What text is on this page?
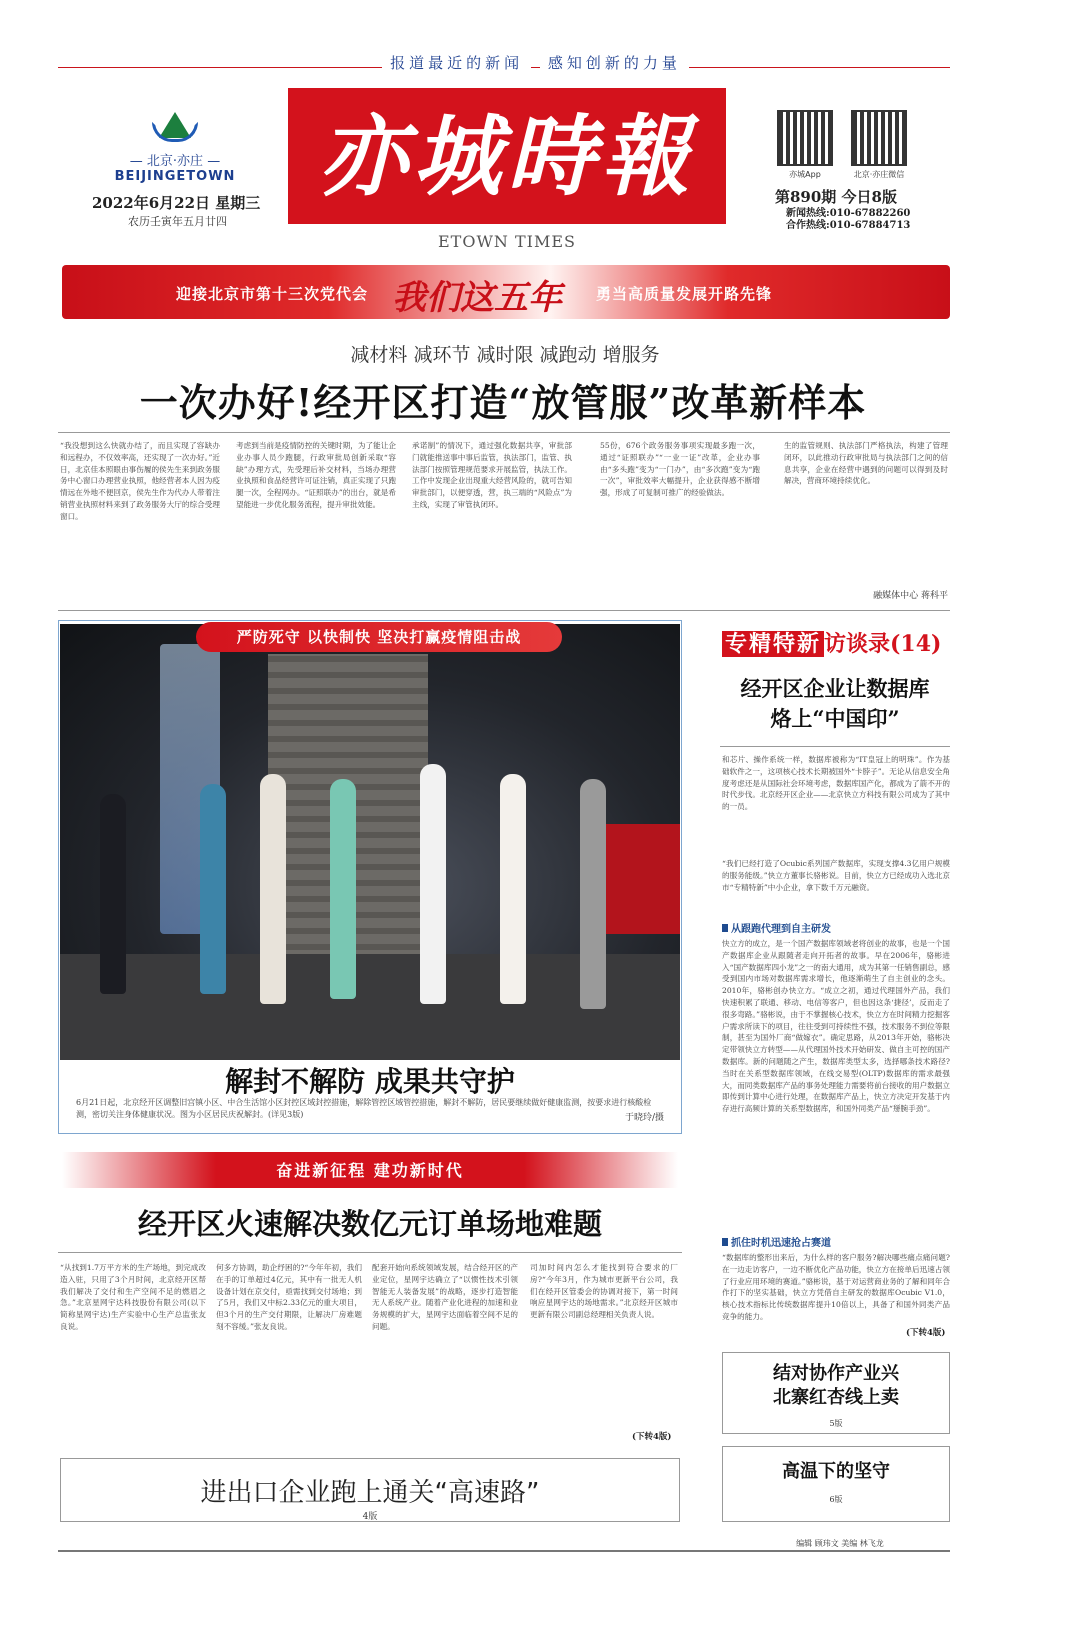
报道最近的新闻 感知创新的力量
— 北京·亦庄 —
BEIJINGETOWN
2022年6月22日 星期三
农历壬寅年五月廿四
亦城時報
ETOWN TIMES
亦城App	北京·亦庄微信
第890期 今日8版
新闻热线:010-67882260
合作热线:010-67884713
迎接北京市第十三次党代会 我们这五年 勇当高质量发展开路先锋
减材料 减环节 减时限 减跑动 增服务
一次办好!经开区打造“放管服”改革新样本
“我没想到这么快就办结了，而且实现了容缺办和远程办，不仅效率高，还实现了一次办好。”近日，北京佳本照眼由事伤履的侯先生来到政务服务中心窗口办理营业执照，他经营者本人因为疫情远在外地不便回京，侯先生作为代办人带着注销营业执照材料来到了政务服务大厅的综合受理窗口。
考虑到当前是疫情防控的关键时期，为了能让企业办事人员少跑腿，行政审批局创新采取“容缺”办理方式，先受理后补交材料，当场办理营业执照和食品经营许可证注销，真正实现了只跑腿一次，全程网办。“证照联办”的出台，就是希望能进一步优化服务流程，提升审批效能。
承诺制”的情况下，通过强化数据共享，审批部门就能推送事中事后监管，执法部门，监管、执法部门按照管理规范要求开展监管，执法工作。工作中发现企业出现重大经营风险的，就可告知审批部门，以便穿透，营，执三端的“风险点”为主线，实现了审管执闭环。
55份，676个政务服务事项实现最多跑一次，通过“证照联办”“一业一证”改革，企业办事由“多头跑”变为“一门办”，由“多次跑”变为“跑一次”，审批效率大幅提升，企业获得感不断增强，形成了可复制可推广的经验做法。
生的监管规则、执法部门严格执法，构建了管理闭环，以此推动行政审批局与执法部门之间的信息共享，企业在经营中遇到的问题可以得到及时解决，营商环境持续优化。
融媒体中心 蒋科平
严防死守 以快制快 坚决打赢疫情阻击战
解封不解防 成果共守护
6月21日起，北京经开区调整旧宫镇小区、中合生活馆小区封控区域封控措施，解除管控区域管控措施，解封不解防，居民要继续做好健康监测，按要求进行核酸检测，密切关注身体健康状况。图为小区居民庆祝解封。(详见3版)	于晓玲/摄
奋进新征程 建功新时代
经开区火速解决数亿元订单场地难题
“从找到1.7万平方米的生产场地，到完成改造入驻，只用了3个月时间，北京经开区帮我们解决了交付和生产空间不足的燃眉之急。”北京星网宇达科技股份有限公司(以下简称星网宇达)生产实验中心生产总监张友良说。
何多方协调，助企纾困的?“今年年初，我们在手的订单超过4亿元，其中有一批无人机设备计划在京交付，亟需找到交付场地；到了5月，我们又中标2.33亿元的重大项目，但3个月的生产交付期限，让解决厂房难题刻不容缓。”张友良说。
配套开始向系统领域发展，结合经开区的产业定位，星网宇达确立了“以惯性技术引领智能无人装备发展”的战略，逐步打造智能无人系统产业。随着产业化进程的加速和业务规模的扩大，星网宇达面临着空间不足的问题。
司加时间内怎么才能找到符合要求的厂房?“今年3月，作为城市更新平台公司，我们在经开区管委会的协调对接下，第一时间响应星网宇达的场地需求。”北京经开区城市更新有限公司副总经理相关负责人说。
(下转4版)
进出口企业跑上通关“高速路”
4版
专精特新 访谈录(14)
经开区企业让数据库
烙上“中国印”
和芯片、操作系统一样，数据库被称为“IT皇冠上的明珠”。作为基础软件之一，这项核心技术长期被国外“卡脖子”。无论从信息安全角度考虑还是从国际社会环境考虑，数据库国产化，都成为了箭不开的时代步伐。北京经开区企业——北京快立方科技有限公司成为了其中的一员。
“我们已经打造了Ocubic系列国产数据库，实现支撑4.3亿用户规模的服务能级。”快立方董事长骆彬说。目前，快立方已经成功入选北京市“专精特新”中小企业，拿下数千万元融资。
从跟跑代理到自主研发
快立方的成立，是一个国产数据库领域老将创业的故事，也是一个国产数据库企业从跟随者走向开拓者的故事。早在2006年，骆彬进入“国产数据库四小龙”之一的南大通用，成为其第一任销售副总，感受到国内市场对数据库需求增长，他逐渐萌生了自主创业的念头。2010年，骆彬创办快立方。“成立之初，通过代理国外产品，我们快速积累了联通、移动、电信等客户，但也因这条‘捷径’，反而走了很多弯路。”骆彬说，由于不掌握核心技术，快立方在时间精力挖掘客户需求所读下的项目，往往受到可持续性不强，技术服务不到位等限制，甚至为国外厂商“做嫁衣”。确定思路，从2013年开始，骆彬决定带领快立方转型——从代理国外技术开始研发、做自主可控的国产数据库。新的问题随之产生，数据库类型太多，选择哪条技术路径?当时在关系型数据库领域，在线交易型(OLTP)数据库的需求最强大，而同类数据库产品的事务处理能力需要将前台接收的用户数据立即传到计算中心进行处理，在数据库产品上，快立方决定开发基于内存进行高频计算的关系型数据库，和国外同类产品“掰腕手劲”。
抓住时机迅速抢占赛道
“数据库的整形出来后，为什么样的客户服务?解决哪些痛点痛问题?在一边走访客户，一边不断优化产品功能，快立方在接单后迅速占领了行业应用环境的赛道。”骆彬说，基于对运营商业务的了解和同年合作打下的坚实基础，快立方凭借自主研发的数据库Ocubic V1.0，核心技术指标比传统数据库提升10倍以上，具备了和国外同类产品竞争的能力。
(下转4版)
结对协作产业兴
北寨红杏线上卖
5版
高温下的坚守
6版
编辑 顾玮文 美编 林飞龙
